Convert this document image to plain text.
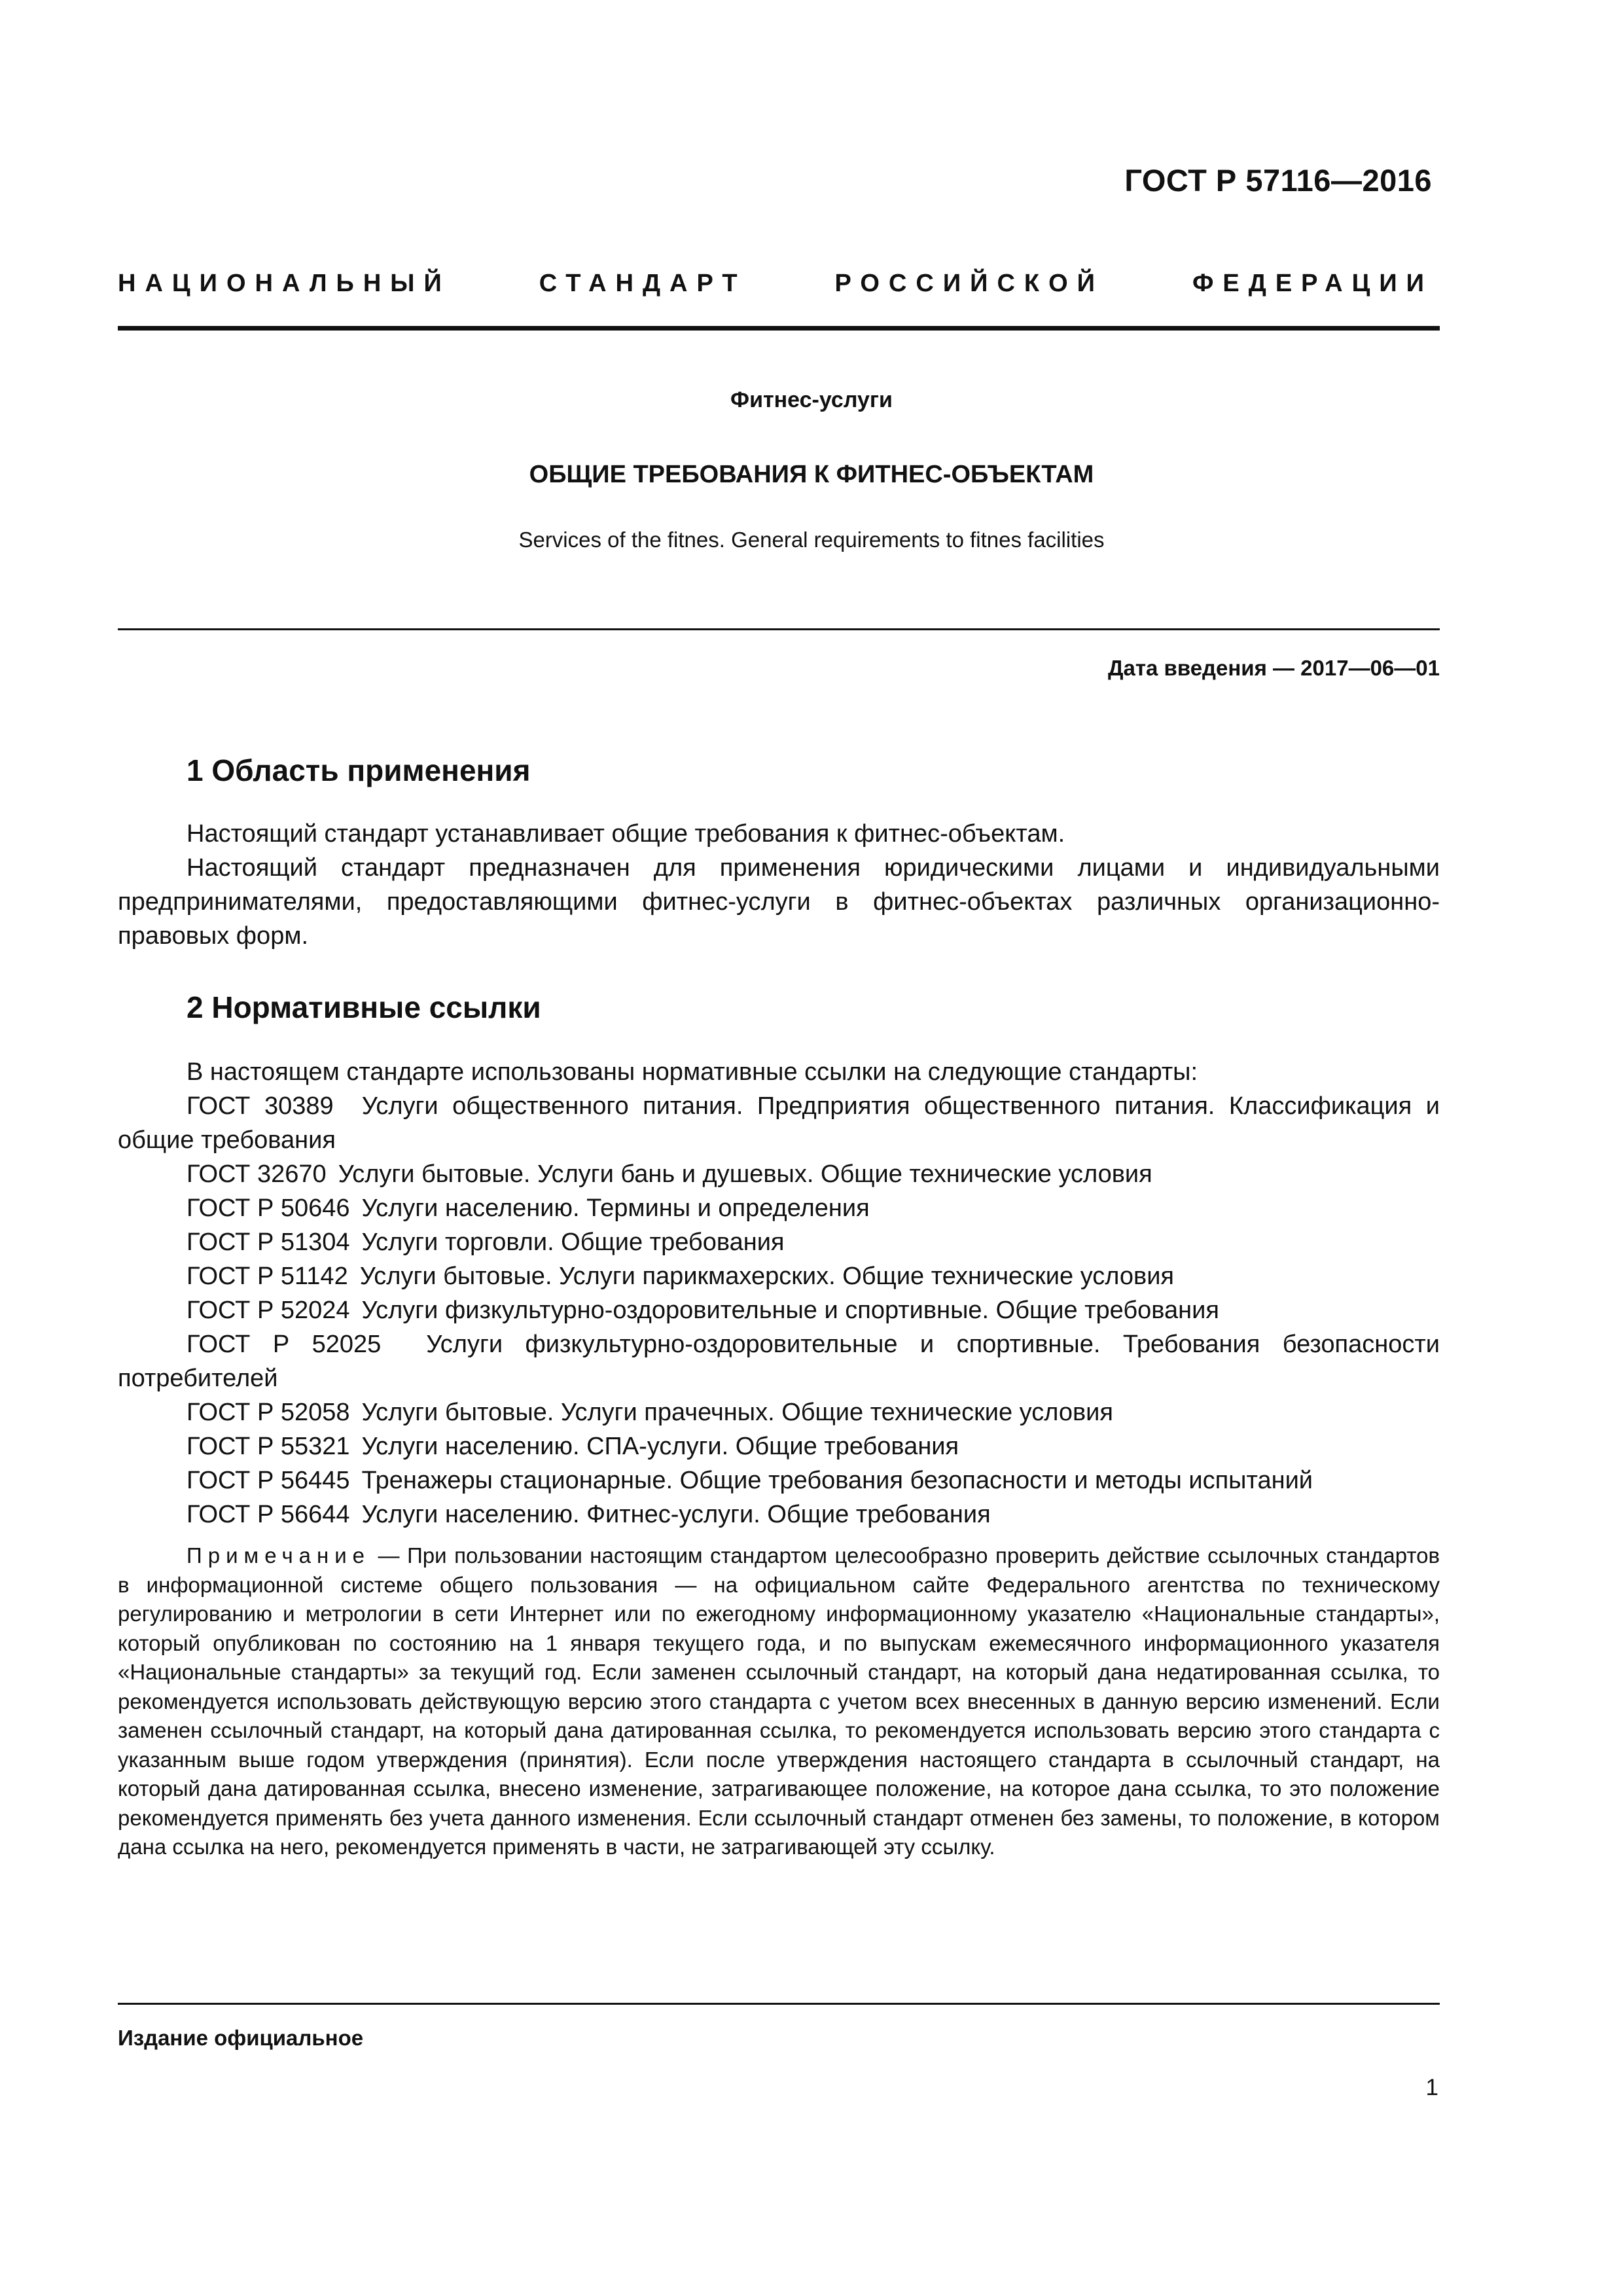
ГОСТ Р 57116—2016
НАЦИОНАЛЬНЫЙ СТАНДАРТ РОССИЙСКОЙ ФЕДЕРАЦИИ
Фитнес-услуги
ОБЩИЕ ТРЕБОВАНИЯ К ФИТНЕС-ОБЪЕКТАМ
Services of the fitnes. General requirements to fitnes facilities
Дата введения — 2017—06—01
1 Область применения

Настоящий стандарт устанавливает общие требования к фитнес-объектам.

Настоящий стандарт предназначен для применения юридическими лицами и индивидуальными предпринимателями, предоставляющими фитнес-услуги в фитнес-объектах различных организационно-правовых форм.

2 Нормативные ссылки

В настоящем стандарте использованы нормативные ссылки на следующие стандарты:

ГОСТ 30389 Услуги общественного питания. Предприятия общественного питания. Классификация и общие требования

ГОСТ 32670 Услуги бытовые. Услуги бань и душевых. Общие технические условия
ГОСТ Р 50646 Услуги населению. Термины и определения
ГОСТ Р 51304 Услуги торговли. Общие требования
ГОСТ Р 51142 Услуги бытовые. Услуги парикмахерских. Общие технические условия
ГОСТ Р 52024 Услуги физкультурно-оздоровительные и спортивные. Общие требования

ГОСТ Р 52025 Услуги физкультурно-оздоровительные и спортивные. Требования безопасности потребителей

ГОСТ Р 52058 Услуги бытовые. Услуги прачечных. Общие технические условия
ГОСТ Р 55321 Услуги населению. СПА-услуги. Общие требования
ГОСТ Р 56445 Тренажеры стационарные. Общие требования безопасности и методы испытаний
ГОСТ Р 56644 Услуги населению. Фитнес-услуги. Общие требования

Примечание — При пользовании настоящим стандартом целесообразно проверить действие ссылочных стандартов в информационной системе общего пользования — на официальном сайте Федерального агентства по техническому регулированию и метрологии в сети Интернет или по ежегодному информационному указателю «Национальные стандарты», который опубликован по состоянию на 1 января текущего года, и по выпускам ежемесячного информационного указателя «Национальные стандарты» за текущий год. Если заменен ссылочный стандарт, на который дана недатированная ссылка, то рекомендуется использовать действующую версию этого стандарта с учетом всех внесенных в данную версию изменений. Если заменен ссылочный стандарт, на который дана датированная ссылка, то рекомендуется использовать версию этого стандарта с указанным выше годом утверждения (принятия). Если после утверждения настоящего стандарта в ссылочный стандарт, на который дана датированная ссылка, внесено изменение, затрагивающее положение, на которое дана ссылка, то это положение рекомендуется применять без учета данного изменения. Если ссылочный стандарт отменен без замены, то положение, в котором дана ссылка на него, рекомендуется применять в части, не затрагивающей эту ссылку.

Издание официальное
1
